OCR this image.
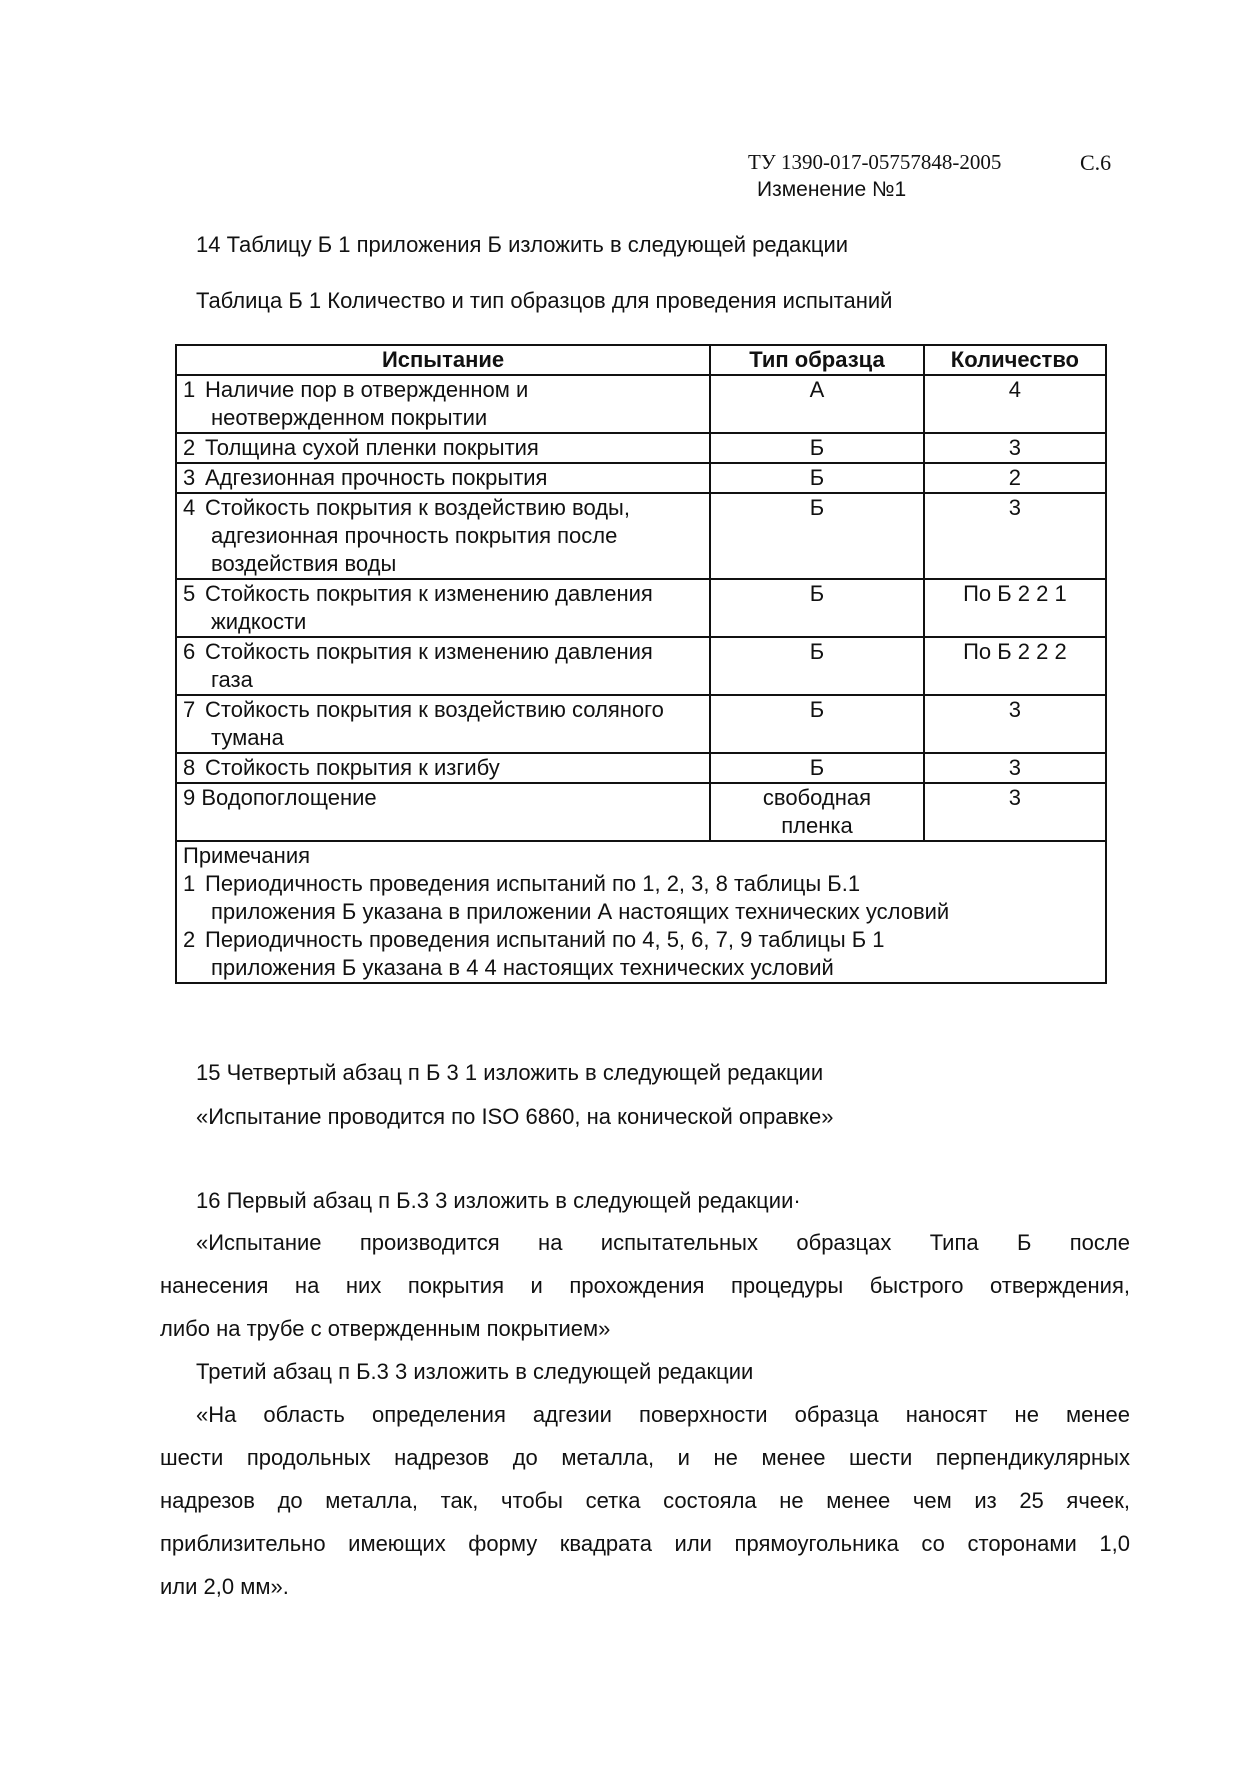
ТУ 1390-017-05757848-2005	С.6
Изменение №1
14 Таблицу Б 1 приложения Б изложить в следующей редакции
Таблица Б 1 Количество и тип образцов для проведения испытаний
Испытание	Тип образца	Количество

1 Наличие пор в отвержденном и
неотвержденном покрытии	А	4

2 Толщина сухой пленки покрытия	Б	3

3 Адгезионная прочность покрытия	Б	2

4 Стойкость покрытия к воздействию воды,
адгезионная прочность покрытия после
воздействия воды	Б	3

5 Стойкость покрытия к изменению давления
жидкости	Б	По Б 2 2 1

6 Стойкость покрытия к изменению давления
газа	Б	По Б 2 2 2

7 Стойкость покрытия к воздействию соляного
тумана	Б	3

8 Стойкость покрытия к изгибу	Б	3

9 Водопоглощение	свободная пленка	3

Примечания
1 Периодичность проведения испытаний по 1, 2, 3, 8 таблицы Б.1
приложения Б указана в приложении А настоящих технических условий
2 Периодичность проведения испытаний по 4, 5, 6, 7, 9 таблицы Б 1
приложения Б указана в 4 4 настоящих технических условий		
15 Четвертый абзац п Б 3 1 изложить в следующей редакции
«Испытание проводится по ISO 6860, на конической оправке»
16 Первый абзац п Б.3 3 изложить в следующей редакции·
«Испытание производится на испытательных образцах Типа Б после
нанесения на них покрытия и прохождения процедуры быстрого отверждения,
либо на трубе с отвержденным покрытием»
Третий абзац п Б.3 3 изложить в следующей редакции
«На область определения адгезии поверхности образца наносят не менее
шести продольных надрезов до металла, и не менее шести перпендикулярных
надрезов до металла, так, чтобы сетка состояла не менее чем из 25 ячеек,
приблизительно имеющих форму квадрата или прямоугольника со сторонами 1,0
или 2,0 мм».
